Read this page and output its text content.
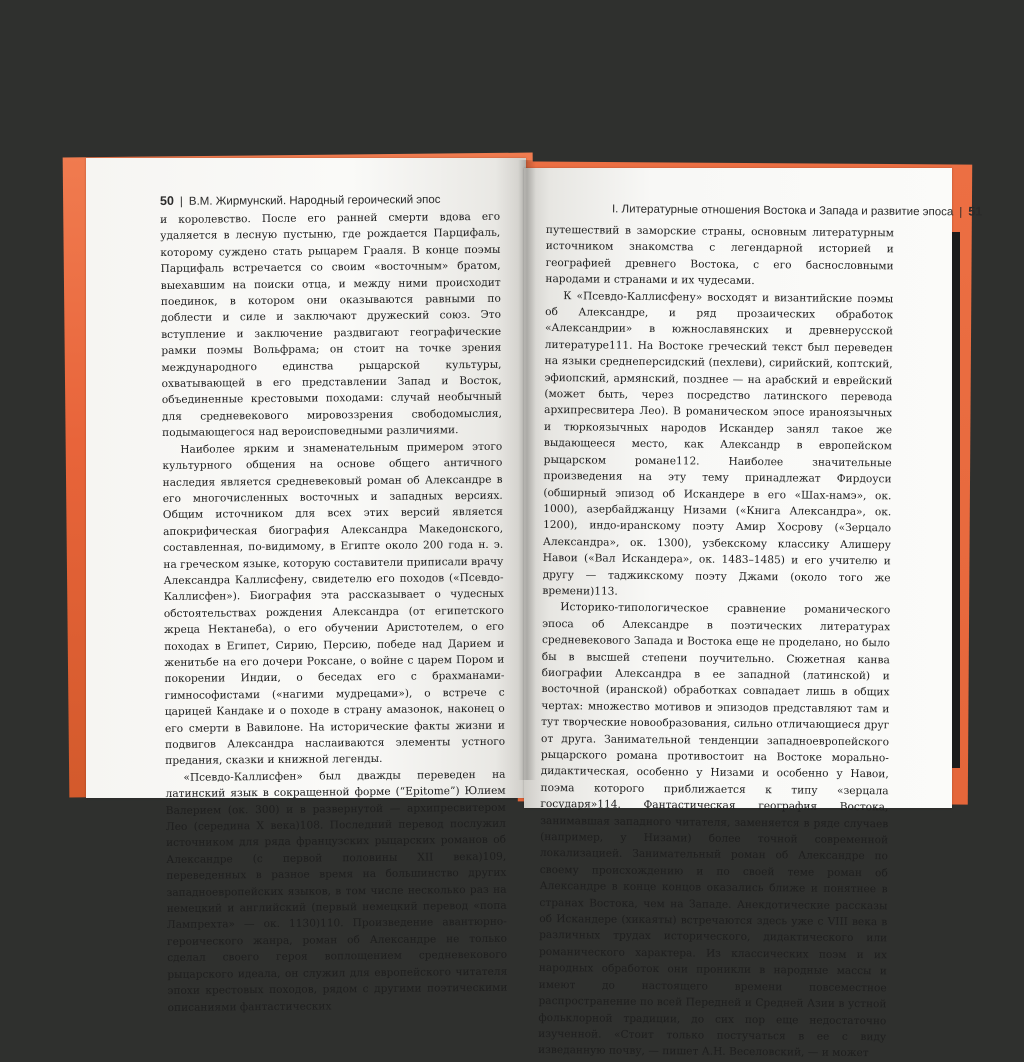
50 | В.М. Жирмунский. Народный героический эпос
I. Литературные отношения Востока и Запада и развитие эпоса | 51

и королевство. После его ранней смерти вдова его удаляется в лесную пустыню, где рождается Парцифаль, которому суждено стать рыцарем Грааля. В конце поэмы Парцифаль встречается со своим «восточным» братом, выехавшим на поиски отца, и между ними происходит поединок, в котором они оказываются равными по доблести и силе и заключают дружеский союз. Это вступление и заключение раздвигают географические рамки поэмы Вольфрама; он стоит на точке зрения международного единства рыцарской культуры, охватывающей в его представлении Запад и Восток, объединенные крестовыми походами: случай необычный для средневекового мировоззрения свободомыслия, подымающегося над вероисповедными различиями.

Наиболее ярким и знаменательным примером этого культурного общения на основе общего античного наследия является средневековый роман об Александре в его многочисленных восточных и западных версиях. Общим источником для всех этих версий является апокрифическая биография Александра Македонского, составленная, по-видимому, в Египте около 200 года н. э. на греческом языке, которую составители приписали врачу Александра Каллисфену, свидетелю его походов («Псевдо-Каллисфен»). Биография эта рассказывает о чудесных обстоятельствах рождения Александра (от египетского жреца Нектанеба), о его обучении Аристотелем, о его походах в Египет, Сирию, Персию, победе над Дарием и женитьбе на его дочери Роксане, о войне с царем Пором и покорении Индии, о беседах его с брахманами-гимнософистами («нагими мудрецами»), о встрече с царицей Кандаке и о походе в страну амазонок, наконец о его смерти в Вавилоне. На исторические факты жизни и подвигов Александра наслаиваются элементы устного предания, сказки и книжной легенды.

«Псевдо-Каллисфен» был дважды переведен на латинский язык в сокращенной форме (“Epitome”) Юлием Валерием (ок. 300) и в развернутой — архипресвитером Лео (середина X века)108. Последний перевод послужил источником для ряда французских рыцарских романов об Александре (с первой половины XII века)109, переведенных в разное время на большинство других западноевропейских языков, в том числе несколько раз на немецкий и английский (первый немецкий перевод «попа Лампрехта» — ок. 1130)110. Произведение авантюрно-героического жанра, роман об Александре не только сделал своего героя воплощением средневекового рыцарского идеала, он служил для европейского читателя эпохи крестовых походов, рядом с другими поэтическими описаниями фантастических

путешествий в заморские страны, основным литературным источником знакомства с легендарной историей и географией древнего Востока, с его баснословными народами и странами и их чудесами.

К «Псевдо-Каллисфену» восходят и византийские поэмы об Александре, и ряд прозаических обработок «Александрии» в южнославянских и древнерусской литературе111. На Востоке греческий текст был переведен на языки среднеперсидский (пехлеви), сирийский, коптский, эфиопский, армянский, позднее — на арабский и еврейский (может быть, через посредство латинского перевода архипресвитера Лео). В романическом эпосе ираноязычных и тюркоязычных народов Искандер занял такое же выдающееся место, как Александр в европейском рыцарском романе112. Наиболее значительные произведения на эту тему принадлежат Фирдоуси (обширный эпизод об Искандере в его «Шах-намэ», ок. 1000), азербайджанцу Низами («Книга Александра», ок. 1200), индо-иранскому поэту Амир Хосрову («Зерцало Александра», ок. 1300), узбекскому классику Алишеру Навои («Вал Искандера», ок. 1483–1485) и его учителю и другу — таджикскому поэту Джами (около того же времени)113.

Историко-типологическое сравнение романического эпоса об Александре в поэтических литературах средневекового Запада и Востока еще не проделано, но было бы в высшей степени поучительно. Сюжетная канва биографии Александра в ее западной (латинской) и восточной (иранской) обработках совпадает лишь в общих чертах: множество мотивов и эпизодов представляют там и тут творческие новообразования, сильно отличающиеся друг от друга. Занимательной тенденции западноевропейского рыцарского романа противостоит на Востоке морально-дидактическая, особенно у Низами и особенно у Навои, поэма которого приближается к типу «зерцала государя»114. Фантастическая география Востока, занимавшая западного читателя, заменяется в ряде случаев (например, у Низами) более точной современной локализацией. Занимательный роман об Александре по своему происхождению и по своей теме роман об Александре в конце концов оказались ближе и понятнее в странах Востока, чем на Западе. Анекдотические рассказы об Искандере (хикаяты) встречаются здесь уже с VIII века в различных трудах исторического, дидактического или романического характера. Из классических поэм и их народных обработок они проникли в народные массы и имеют до настоящего времени повсеместное распространение по всей Передней и Средней Азии в устной фольклорной традиции, до сих пор еще недостаточно изученной. «Стоит только постучаться в ее с виду изведанную почву, — пишет А.Н. Веселовский, — и может
